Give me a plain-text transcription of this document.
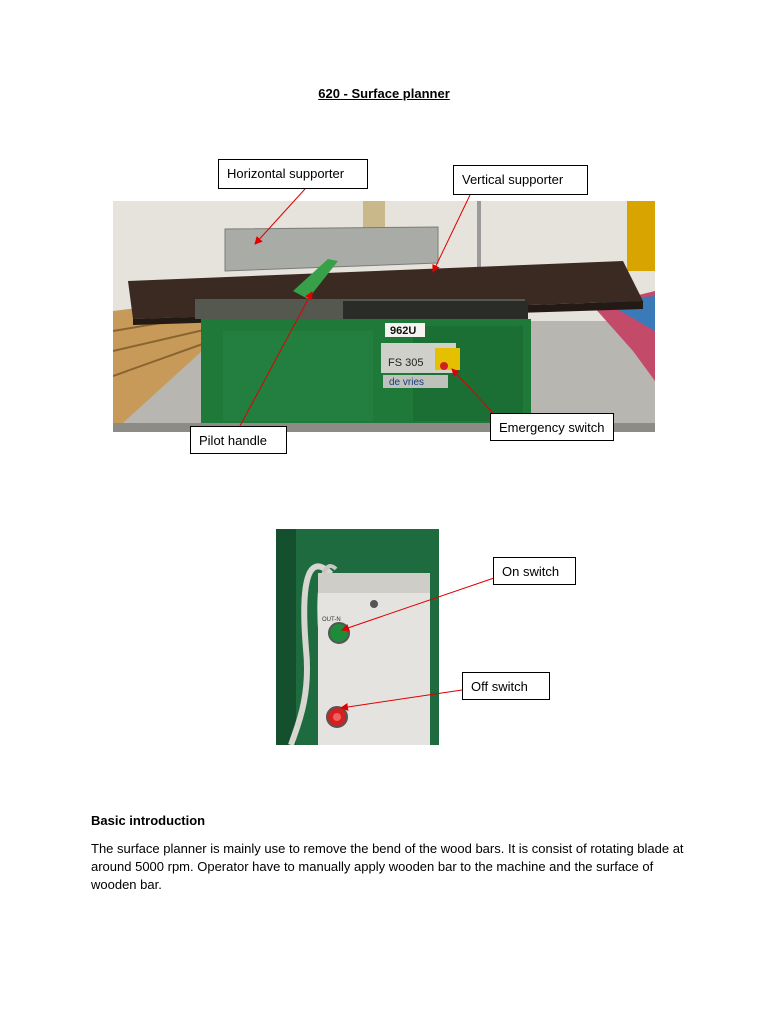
620 - Surface planner
962U
FS 305
de vries
OUT-N
Horizontal supporter	Vertical supporter
Pilot handle
Emergency switch
On switch
Off switch
Basic introduction
The surface planner is mainly use to remove the bend of the wood bars. It is consist of rotating blade at around 5000 rpm. Operator have to manually apply wooden bar to the machine and the surface of wooden bar.
